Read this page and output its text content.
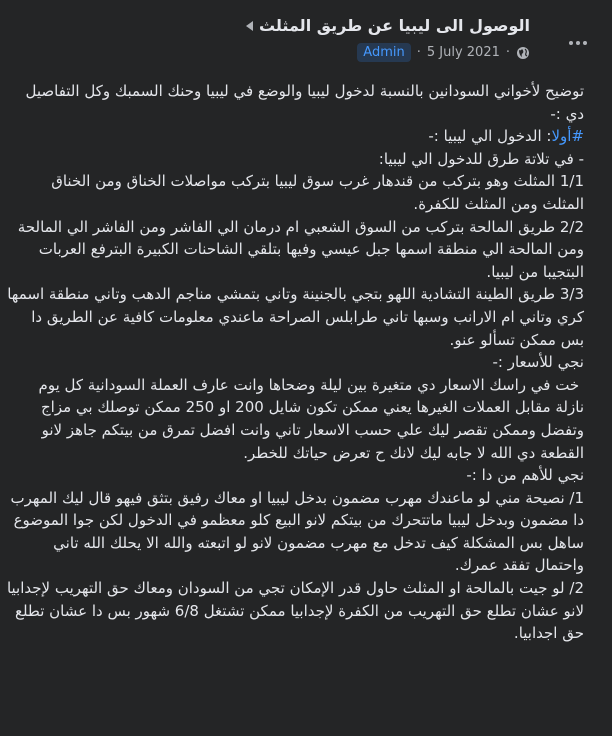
الوصول الى ليبيا عن طريق المثلث
Admin · 5 July 2021 ·
توضيح لأخواني السودانين بالنسبة لدخول ليبيا والوضع في ليبيا وحنك السمبك وكل التفاصيل دي :-
#أولا: الدخول الي ليبيا :-
- في تلاتة طرق للدخول الي ليبيا:
1/1 المثلث وهو بتركب من قندهار غرب سوق ليبيا بتركب مواصلات الخناق ومن الخناق المثلث ومن المثلث للكفرة.
2/2 طريق المالحة بتركب من السوق الشعبي ام درمان الي الفاشر ومن الفاشر الي المالحة ومن المالحة الي منطقة اسمها جبل عيسي وفيها بتلقي الشاحنات الكبيرة البترفع العربات البتجيبا من ليبيا.
3/3 طريق الطينة التشادية اللهو بتجي بالجنينة وتاني بتمشي مناجم الدهب وتاني منطقة اسمها كري وتاني ام الارانب وسبها تاني طرابلس الصراحة ماعندي معلومات كافية عن الطريق دا بس ممكن تسألو عنو.
نجي للأسعار :-
خت في راسك الاسعار دي متغيرة بين ليلة وضحاها وانت عارف العملة السودانية كل يوم نازلة مقابل العملات الغيرها يعني ممكن تكون شايل 200 او 250 ممكن توصلك بي مزاج وتفضل وممكن تقصر ليك علي حسب الاسعار تاني وانت افضل تمرق من بيتكم جاهز لانو القطعة دي الله لا جابه ليك لانك ح تعرض حياتك للخطر.
نجي للأهم من دا :-
1/ نصيحة مني لو ماعندك مهرب مضمون بدخل ليبيا او معاك رفيق بتثق فيهو قال ليك المهرب دا مضمون وبدخل ليبيا ماتتحرك من بيتكم لانو البيع كلو معظمو في الدخول لكن جوا الموضوع ساهل بس المشكلة كيف تدخل مع مهرب مضمون لانو لو اتبعته والله الا يحلك الله تاني واحتمال تفقد عمرك.
2/ لو جيت بالمالحة او المثلث حاول قدر الإمكان تجي من السودان ومعاك حق التهريب لإجدابيا لانو عشان تطلع حق التهريب من الكفرة لإجدابيا ممكن تشتغل 6/8 شهور بس دا عشان تطلع حق اجدابيا.
